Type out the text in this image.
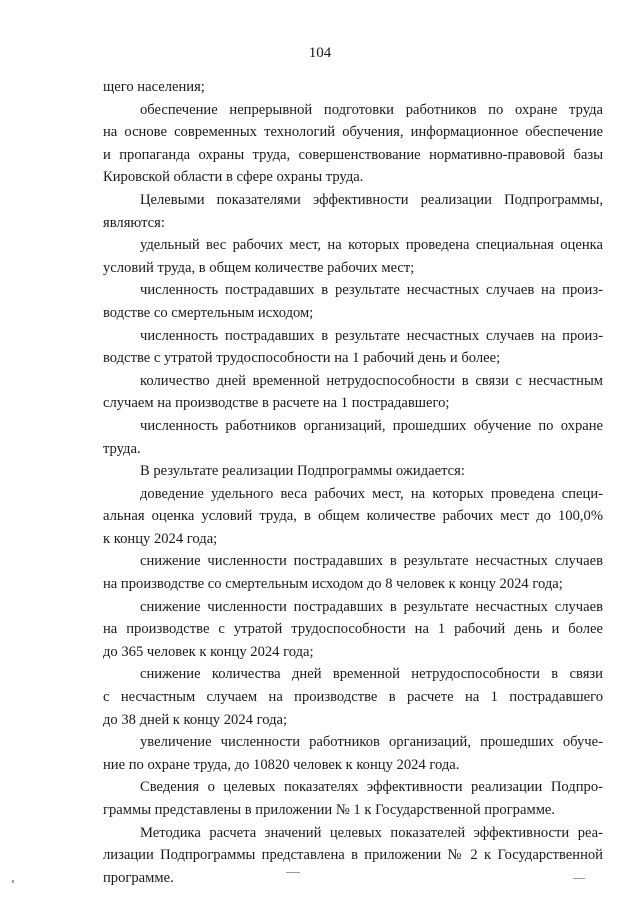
104
щего населения;
обеспечение непрерывной подготовки работников по охране труда
на основе современных технологий обучения, информационное обеспечение
и пропаганда охраны труда, совершенствование нормативно-правовой базы
Кировской области в сфере охраны труда.
Целевыми показателями эффективности реализации Подпрограммы,
являются:
удельный вес рабочих мест, на которых проведена специальная оценка
условий труда, в общем количестве рабочих мест;
численность пострадавших в результате несчастных случаев на произ-
водстве со смертельным исходом;
численность пострадавших в результате несчастных случаев на произ-
водстве с утратой трудоспособности на 1 рабочий день и более;
количество дней временной нетрудоспособности в связи с несчастным
случаем на производстве в расчете на 1 пострадавшего;
численность работников организаций, прошедших обучение по охране
труда.
В результате реализации Подпрограммы ожидается:
доведение удельного веса рабочих мест, на которых проведена специ-
альная оценка условий труда, в общем количестве рабочих мест до 100,0%
к концу 2024 года;
снижение численности пострадавших в результате несчастных случаев
на производстве со смертельным исходом до 8 человек к концу 2024 года;
снижение численности пострадавших в результате несчастных случаев
на производстве с утратой трудоспособности на 1 рабочий день и более
до 365 человек к концу 2024 года;
снижение количества дней временной нетрудоспособности в связи
с несчастным случаем на производстве в расчете на 1 пострадавшего
до 38 дней к концу 2024 года;
увеличение численности работников организаций, прошедших обуче-
ние по охране труда, до 10820 человек к концу 2024 года.
Сведения о целевых показателях эффективности реализации Подпро-
граммы представлены в приложении № 1 к Государственной программе.
Методика расчета значений целевых показателей эффективности реа-
лизации Подпрограммы представлена в приложении № 2 к Государственной
программе.
